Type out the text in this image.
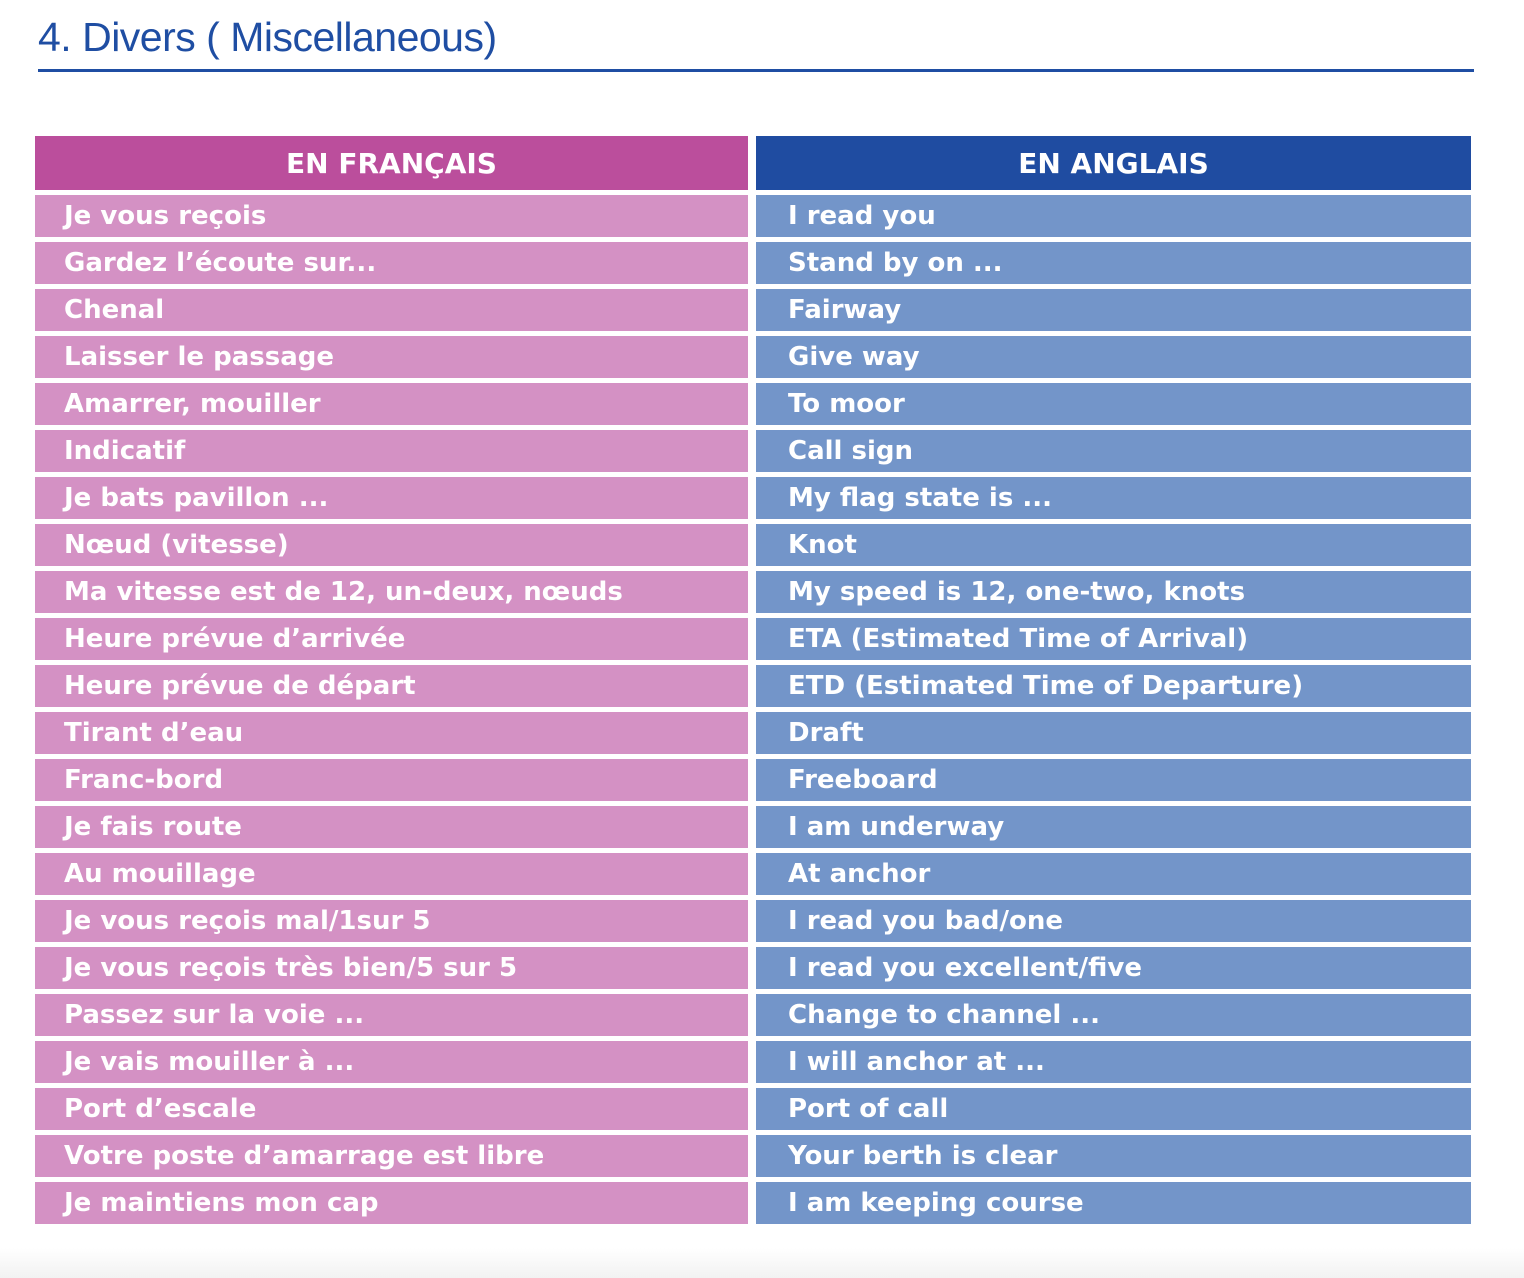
4. Divers ( Miscellaneous)
EN FRANÇAIS	EN ANGLAIS
Je vous reçois	I read you
Gardez l’écoute sur...	Stand by on ...
Chenal	Fairway
Laisser le passage	Give way
Amarrer, mouiller	To moor
Indicatif	Call sign
Je bats pavillon ...	My flag state is ...
Nœud (vitesse)	Knot
Ma vitesse est de 12, un-deux, nœuds	My speed is 12, one-two, knots
Heure prévue d’arrivée	ETA (Estimated Time of Arrival)
Heure prévue de départ	ETD (Estimated Time of Departure)
Tirant d’eau	Draft
Franc-bord	Freeboard
Je fais route	I am underway
Au mouillage	At anchor
Je vous reçois mal/1sur 5	I read you bad/one
Je vous reçois très bien/5 sur 5	I read you excellent/five
Passez sur la voie ...	Change to channel ...
Je vais mouiller à ...	I will anchor at ...
Port d’escale	Port of call
Votre poste d’amarrage est libre	Your berth is clear
Je maintiens mon cap	I am keeping course
